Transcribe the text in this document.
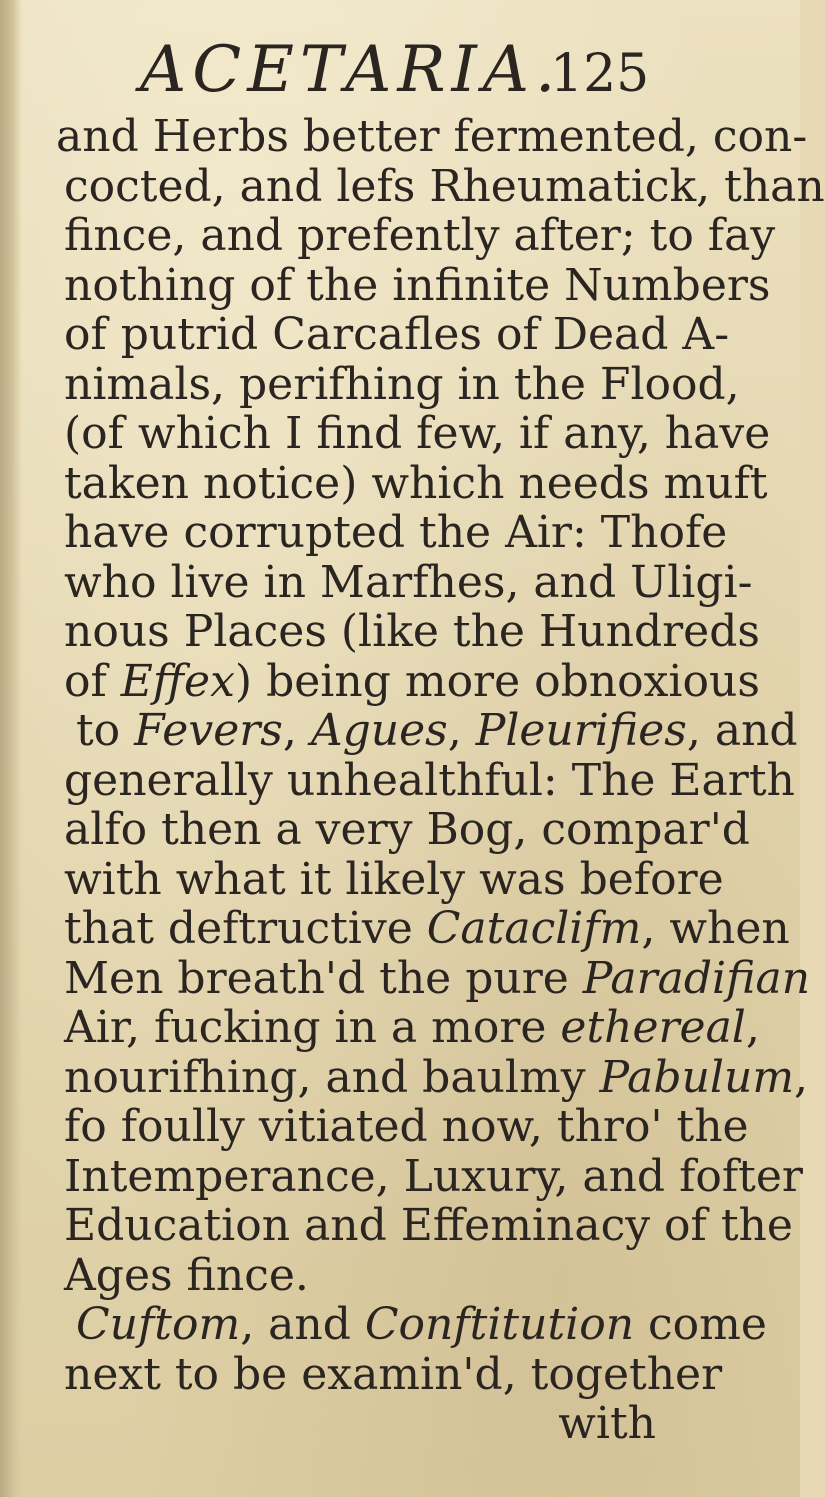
ACETARIA.
125
and Herbs better fermented, con-
cocted, and lefs Rheumatick, than
fince, and prefently after; to fay
nothing of the infinite Numbers
of putrid Carcafles of Dead A-
nimals, perifhing in the Flood,
(of which I find few, if any, have
taken notice) which needs muft
have corrupted the Air: Thofe
who live in Marfhes, and Uligi-
nous Places (like the Hundreds
of Effex) being more obnoxious
to Fevers, Agues, Pleurifies, and
generally unhealthful: The Earth
alfo then a very Bog, compar'd
with what it likely was before
that deftructive Cataclifm, when
Men breath'd the pure Paradifian
Air, fucking in a more ethereal,
nourifhing, and baulmy Pabulum,
fo foully vitiated now, thro' the
Intemperance, Luxury, and fofter
Education and Effeminacy of the
Ages fince.
Cuftom, and Conftitution come
next to be examin'd, together
with
